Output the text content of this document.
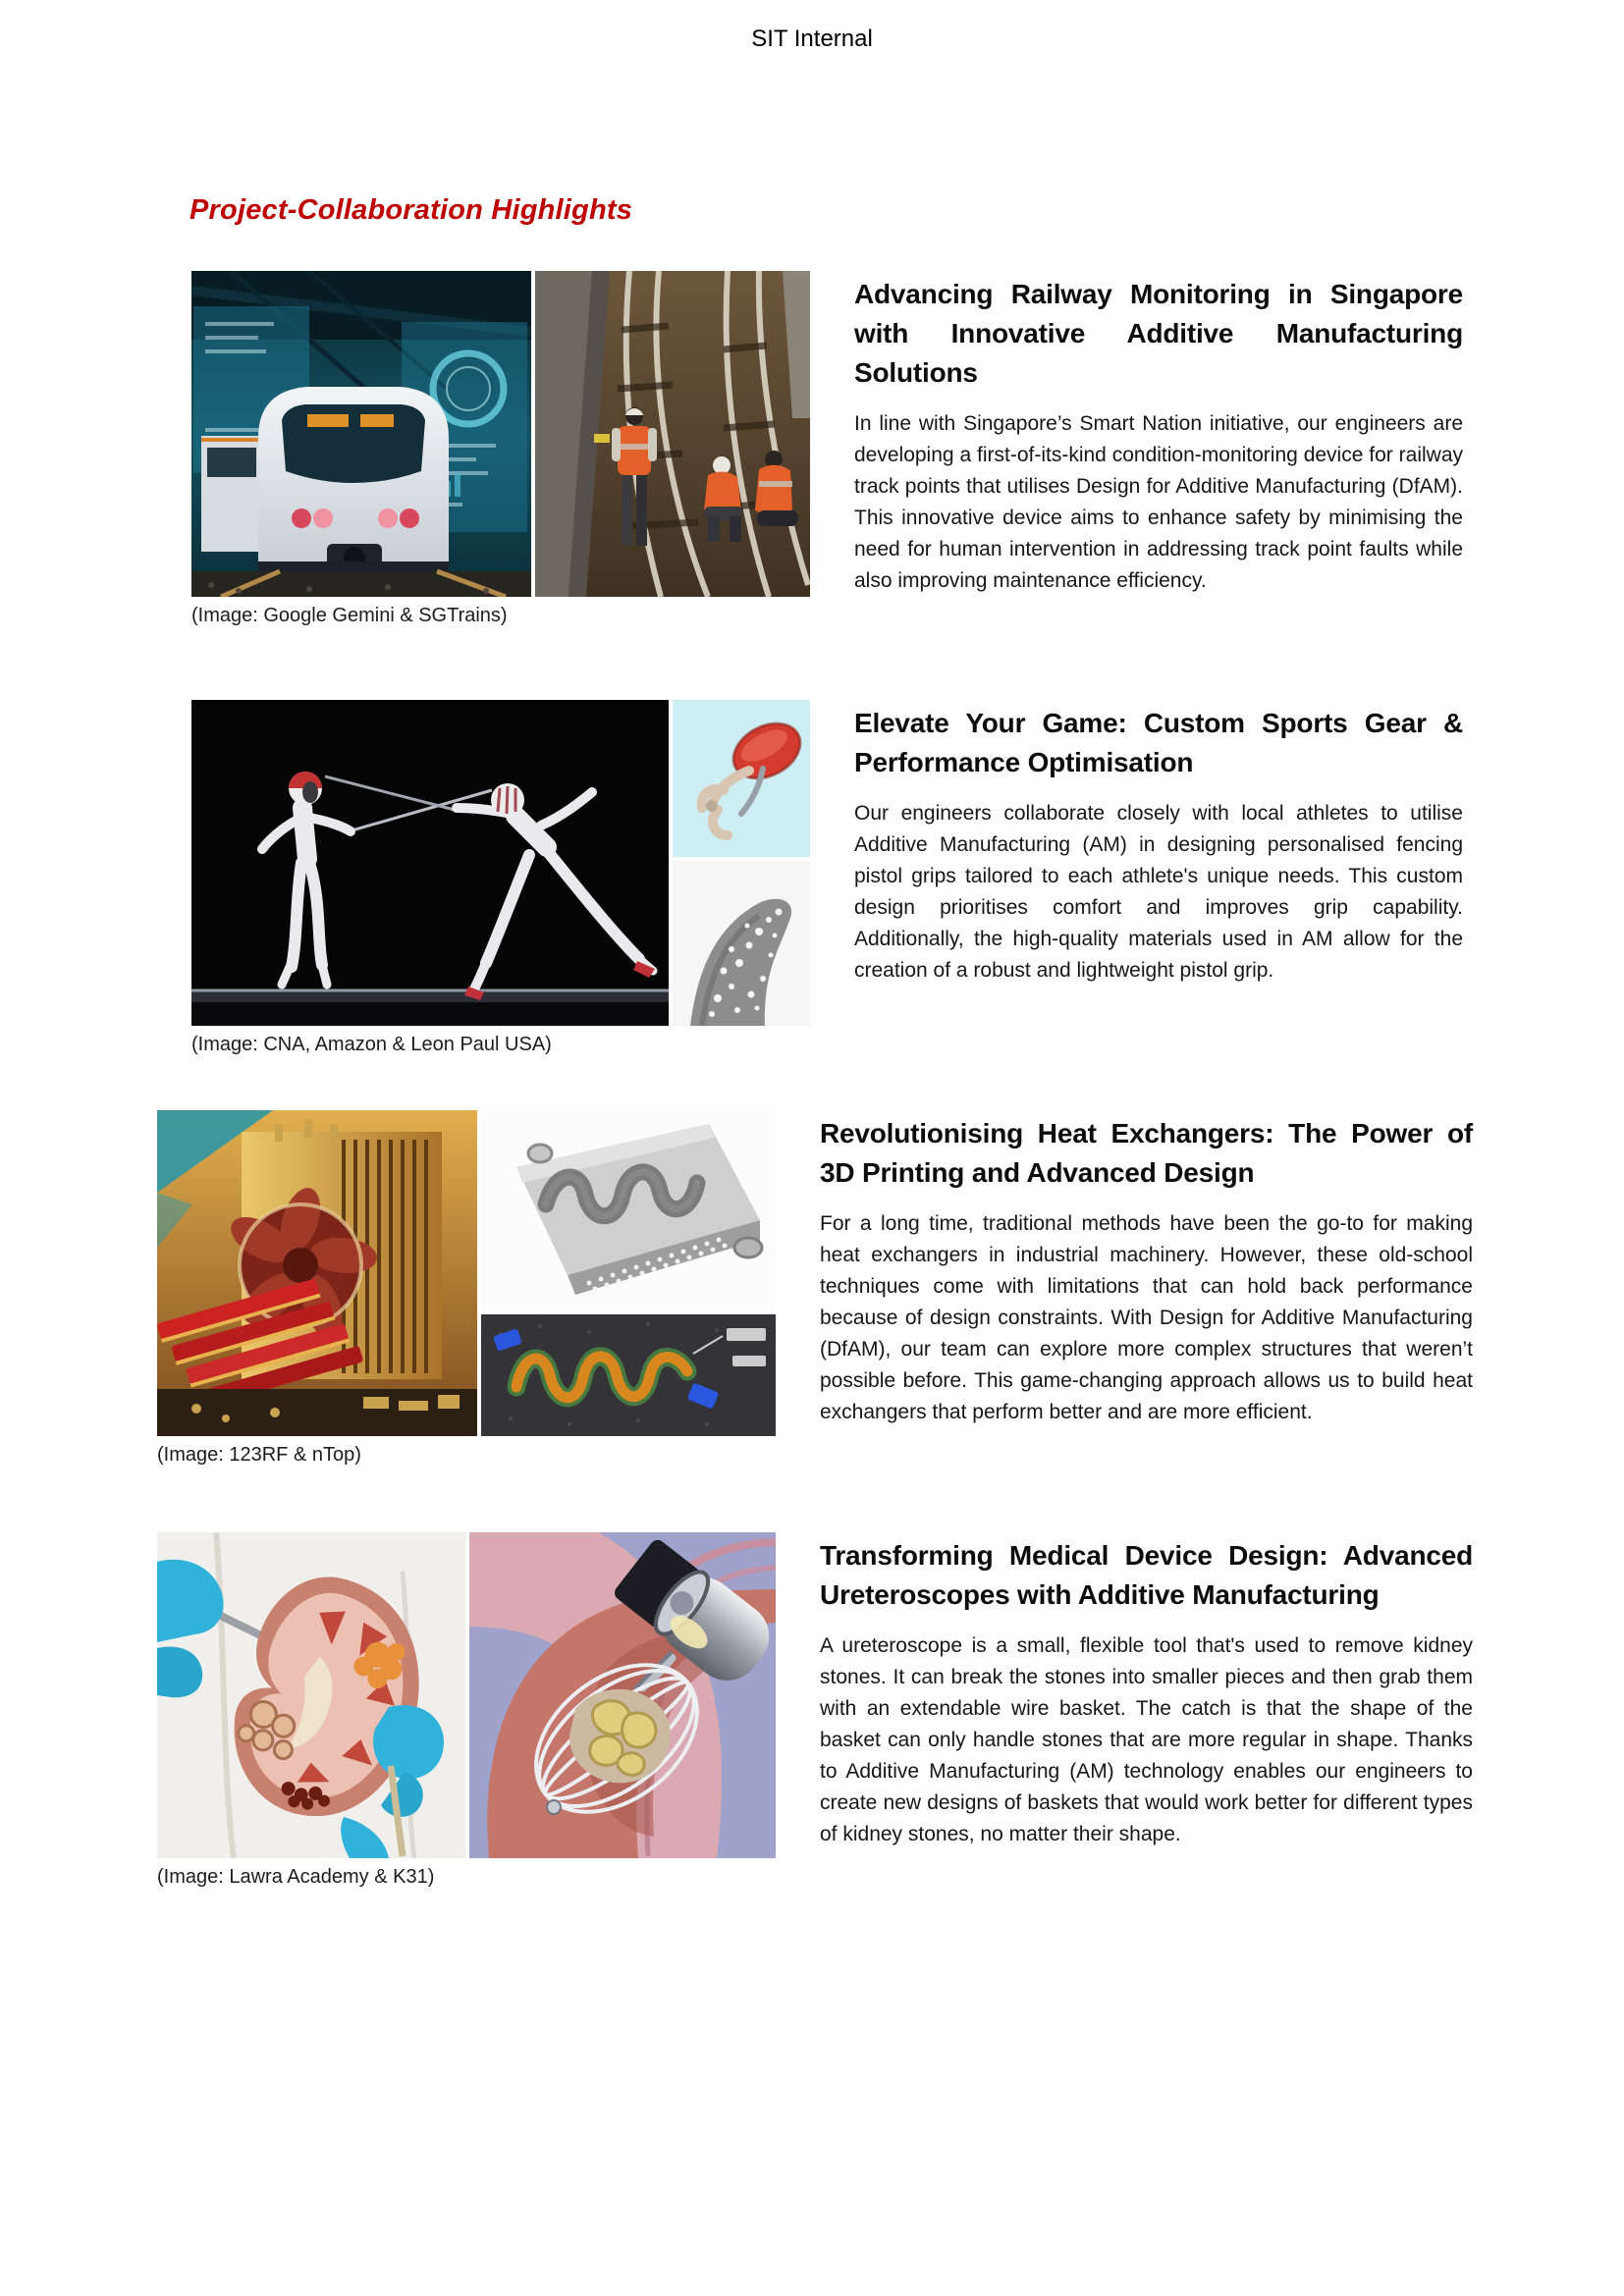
SIT Internal
Project-Collaboration Highlights
(Image: Google Gemini & SGTrains)
Advancing Railway Monitoring in Singapore with Innovative Additive Manufacturing Solutions

In line with Singapore’s Smart Nation initiative, our engineers are developing a first-of-its-kind condition-monitoring device for railway track points that utilises Design for Additive Manufacturing (DfAM). This innovative device aims to enhance safety by minimising the need for human intervention in addressing track point faults while also improving maintenance efficiency.

(Image: CNA, Amazon & Leon Paul USA)
Elevate Your Game: Custom Sports Gear & Performance Optimisation

Our engineers collaborate closely with local athletes to utilise Additive Manufacturing (AM) in designing personalised fencing pistol grips tailored to each athlete's unique needs. This custom design prioritises comfort and improves grip capability. Additionally, the high-quality materials used in AM allow for the creation of a robust and lightweight pistol grip.

(Image: 123RF & nTop)
Revolutionising Heat Exchangers: The Power of 3D Printing and Advanced Design

For a long time, traditional methods have been the go-to for making heat exchangers in industrial machinery. However, these old-school techniques come with limitations that can hold back performance because of design constraints. With Design for Additive Manufacturing (DfAM), our team can explore more complex structures that weren’t possible before. This game-changing approach allows us to build heat exchangers that perform better and are more efficient.

(Image: Lawra Academy & K31)
Transforming Medical Device Design: Advanced Ureteroscopes with Additive Manufacturing

A ureteroscope is a small, flexible tool that's used to remove kidney stones. It can break the stones into smaller pieces and then grab them with an extendable wire basket. The catch is that the shape of the basket can only handle stones that are more regular in shape. Thanks to Additive Manufacturing (AM) technology enables our engineers to create new designs of baskets that would work better for different types of kidney stones, no matter their shape.
